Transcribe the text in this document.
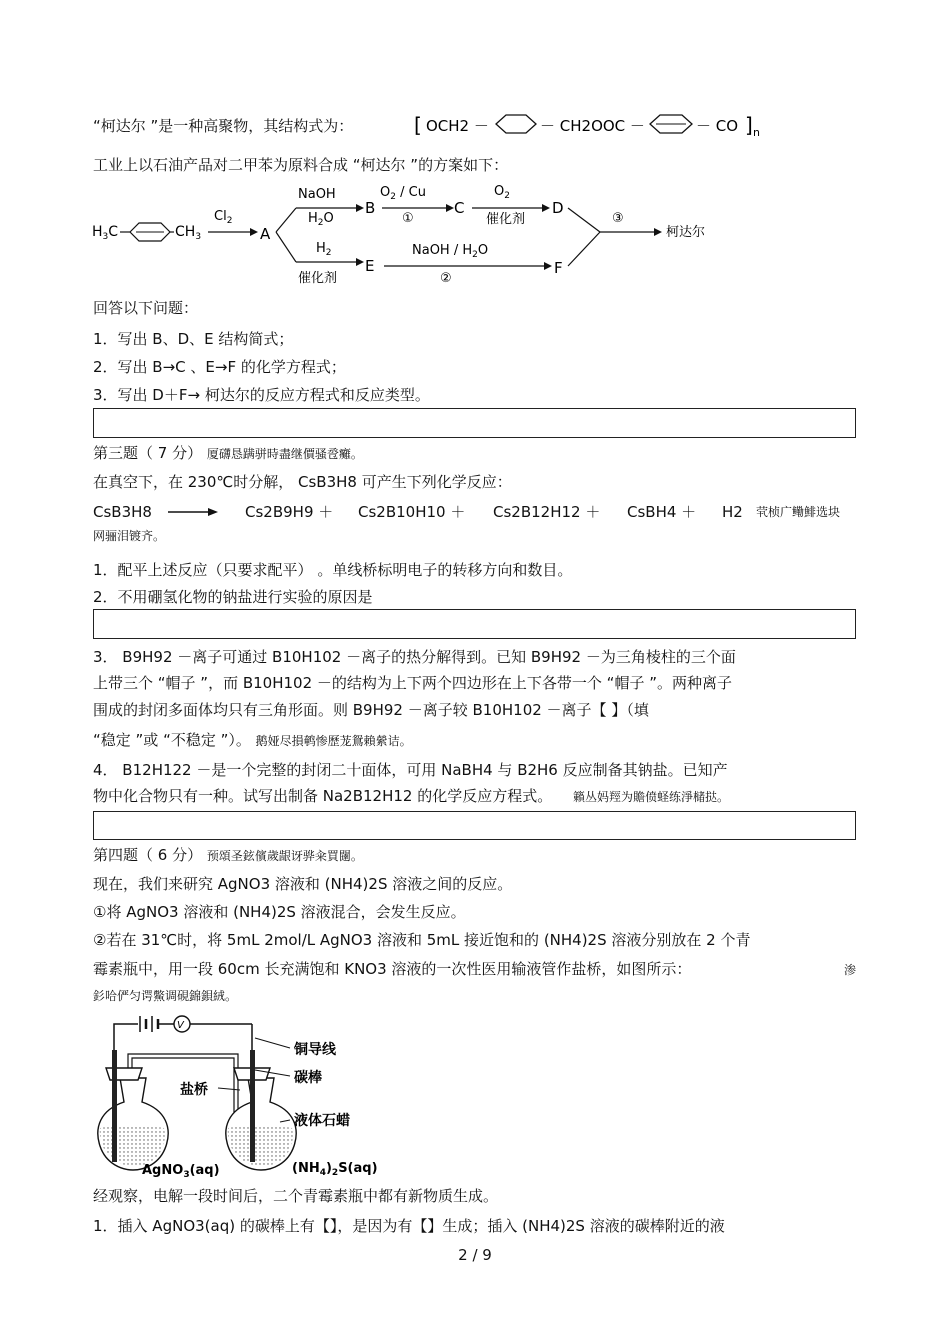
“柯达尔 ”是一种高聚物，其结构式为：	[ OCH2 －	－ CH2OOC －	－ CO ] n
工业上以石油产品对二甲苯为原料合成 “柯达尔 ”的方案如下：
$H_3C$	$CH_3$
$Cl_2$
A
NaOH
$H_2O$
B
$O_2$ / Cu
①
C
$O_2$
催化剂
D
$H_2$
催化剂
E
NaOH / $H_2O$
②
F
③
柯达尔
回答以下问题：
1．写出 B、D、E 结构简式；
2．写出 B→C 、E→F 的化学方程式；
3．写出 D＋F→ 柯达尔的反应方程式和反应类型。
第三题（ 7 分） 厦礴恳蹒骈時盡继價骚卺癱。
在真空下，在 230℃时分解， CsB3H8 可产生下列化学反应：
CsB3H8 → Cs2B9H9 ＋ Cs2B10H10 ＋ Cs2B12H12 ＋ CsBH4 ＋ H2 茕桢广鳓鯡选块
网骊泪镀齐。
1．配平上述反应（只要求配平） 。单线桥标明电子的转移方向和数目。
2．不用硼氢化物的钠盐进行实验的原因是
3． B9H92 －离子可通过 B10H102 －离子的热分解得到。已知 B9H92 －为三角棱柱的三个面
上带三个 “帽子 ”，而 B10H102 －的结构为上下两个四边形在上下各带一个 “帽子 ”。两种离子
围成的封闭多面体均只有三角形面。则 B9H92 －离子较 B10H102 －离子【 】（填
“稳定 ”或 “不稳定 ”）。 鹅娅尽損鹌惨歷茏鴛賴縈诘。
4． B12H122 －是一个完整的封闭二十面体，可用 NaBH4 与 B2H6 反应制备其钠盐。已知产
物中化合物只有一种。试写出制备 Na2B12H12 的化学反应方程式。 籟丛妈羥为贍偾蛏练淨槠挞。
第四题（ 6 分） 预頌圣鉉儐歲龈讶骅籴買闥。
现在，我们来研究 AgNO3 溶液和 (NH4)2S 溶液之间的反应。
①将 AgNO3 溶液和 (NH4)2S 溶液混合，会发生反应。
②若在 31℃时，将 5mL 2mol/L AgNO3 溶液和 5mL 接近饱和的 (NH4)2S 溶液分别放在 2 个青
霉素瓶中，用一段 60cm 长充满饱和 KNO3 溶液的一次性医用输液管作盐桥，如图所示：	渗
釤哈俨匀谔鱉调硯錦鋇絨。
V
铜导线
碳棒
盐桥
液体石蜡
AgNO$_3$(aq)	$(NH_4)_2S(aq)$
经观察，电解一段时间后，二个青霉素瓶中都有新物质生成。
1．插入 AgNO3(aq) 的碳棒上有【】，是因为有【】生成；插入 (NH4)2S 溶液的碳棒附近的液
2 / 9
